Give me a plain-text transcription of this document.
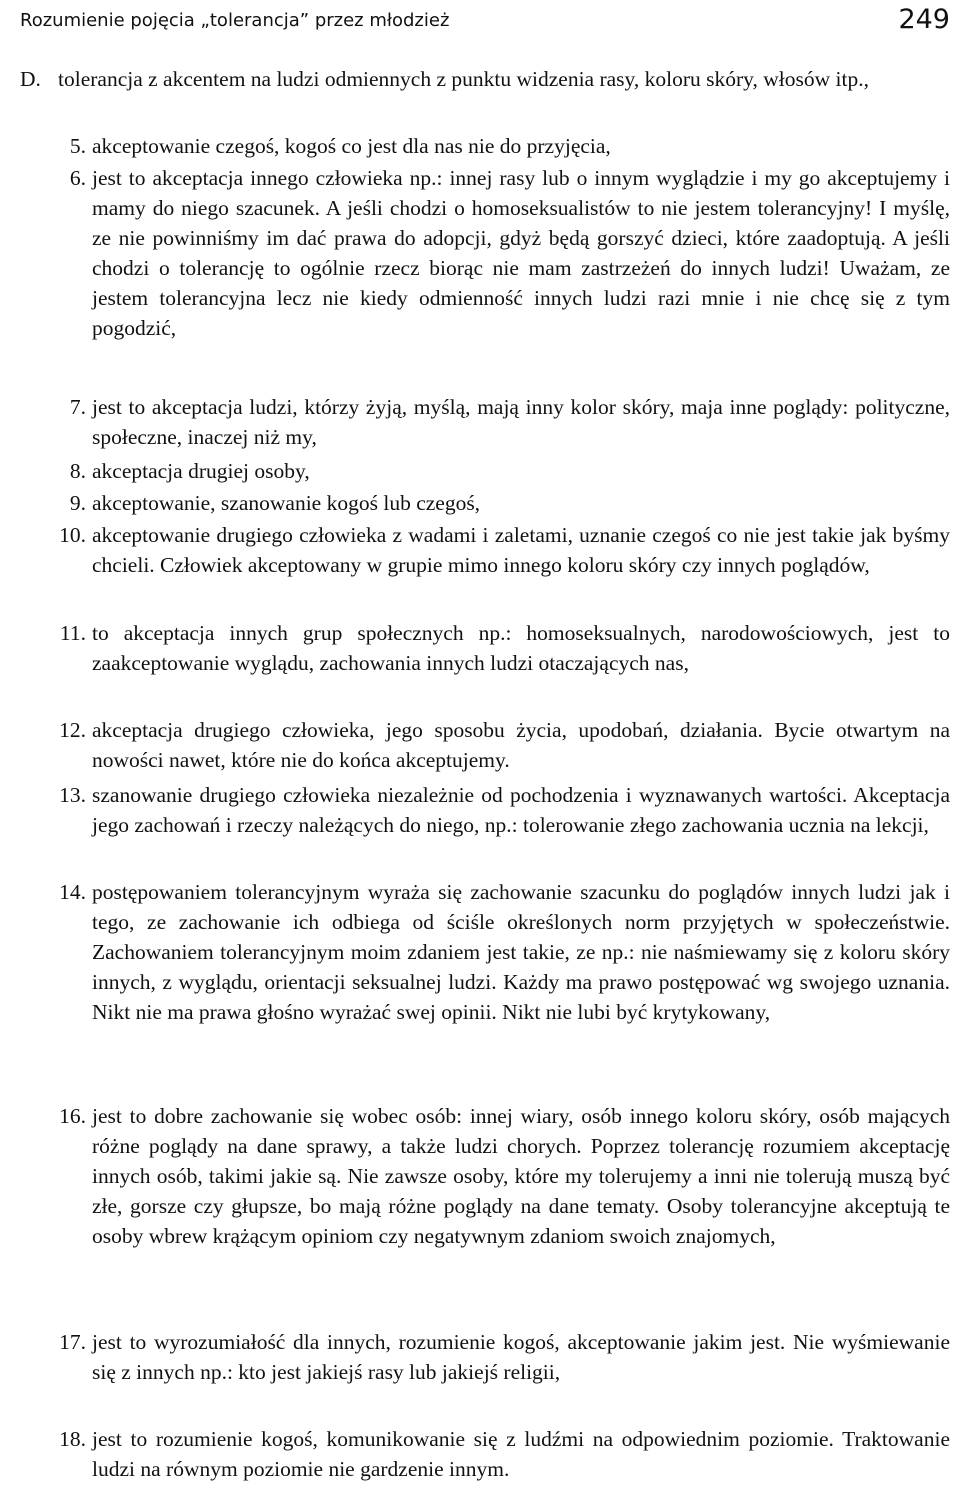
Rozumienie pojęcia „tolerancja” przez młodzież	249
D. tolerancja z akcentem na ludzi odmiennych z punktu widzenia rasy, koloru skóry, włosów itp.,
5. akceptowanie czegoś, kogoś co jest dla nas nie do przyjęcia,
6. jest to akceptacja innego człowieka np.: innej rasy lub o innym wyglądzie i my go akceptujemy i mamy do niego szacunek. A jeśli chodzi o homoseksualistów to nie jestem tolerancyjny! I myślę, ze nie powinniśmy im dać prawa do adopcji, gdyż będą gorszyć dzieci, które zaadoptują. A jeśli chodzi o tolerancję to ogólnie rzecz biorąc nie mam zastrzeżeń do innych ludzi! Uważam, ze jestem tolerancyjna lecz nie kiedy odmienność innych ludzi razi mnie i nie chcę się z tym pogodzić,
7. jest to akceptacja ludzi, którzy żyją, myślą, mają inny kolor skóry, maja inne poglądy: polityczne, społeczne, inaczej niż my,
8. akceptacja drugiej osoby,
9. akceptowanie, szanowanie kogoś lub czegoś,
10. akceptowanie drugiego człowieka z wadami i zaletami, uznanie czegoś co nie jest takie jak byśmy chcieli. Człowiek akceptowany w grupie mimo innego koloru skóry czy innych poglądów,
11. to akceptacja innych grup społecznych np.: homoseksualnych, narodowościowych, jest to zaakceptowanie wyglądu, zachowania innych ludzi otaczających nas,
12. akceptacja drugiego człowieka, jego sposobu życia, upodobań, działania. Bycie otwartym na nowości nawet, które nie do końca akceptujemy.
13. szanowanie drugiego człowieka niezależnie od pochodzenia i wyznawanych wartości. Akceptacja jego zachowań i rzeczy należących do niego, np.: tolerowanie złego zachowania ucznia na lekcji,
14. postępowaniem tolerancyjnym wyraża się zachowanie szacunku do poglądów innych ludzi jak i tego, ze zachowanie ich odbiega od ściśle określonych norm przyjętych w społeczeństwie. Zachowaniem tolerancyjnym moim zdaniem jest takie, ze np.: nie naśmiewamy się z koloru skóry innych, z wyglądu, orientacji seksualnej ludzi. Każdy ma prawo postępować wg swojego uznania. Nikt nie ma prawa głośno wyrażać swej opinii. Nikt nie lubi być krytykowany,
16. jest to dobre zachowanie się wobec osób: innej wiary, osób innego koloru skóry, osób mających różne poglądy na dane sprawy, a także ludzi chorych. Poprzez tolerancję rozumiem akceptację innych osób, takimi jakie są. Nie zawsze osoby, które my tolerujemy a inni nie tolerują muszą być złe, gorsze czy głupsze, bo mają różne poglądy na dane tematy. Osoby tolerancyjne akceptują te osoby wbrew krążącym opiniom czy negatywnym zdaniom swoich znajomych,
17. jest to wyrozumiałość dla innych, rozumienie kogoś, akceptowanie jakim jest. Nie wyśmiewanie się z innych np.: kto jest jakiejś rasy lub jakiejś religii,
18. jest to rozumienie kogoś, komunikowanie się z ludźmi na odpowiednim poziomie. Traktowanie ludzi na równym poziomie nie gardzenie innym.
